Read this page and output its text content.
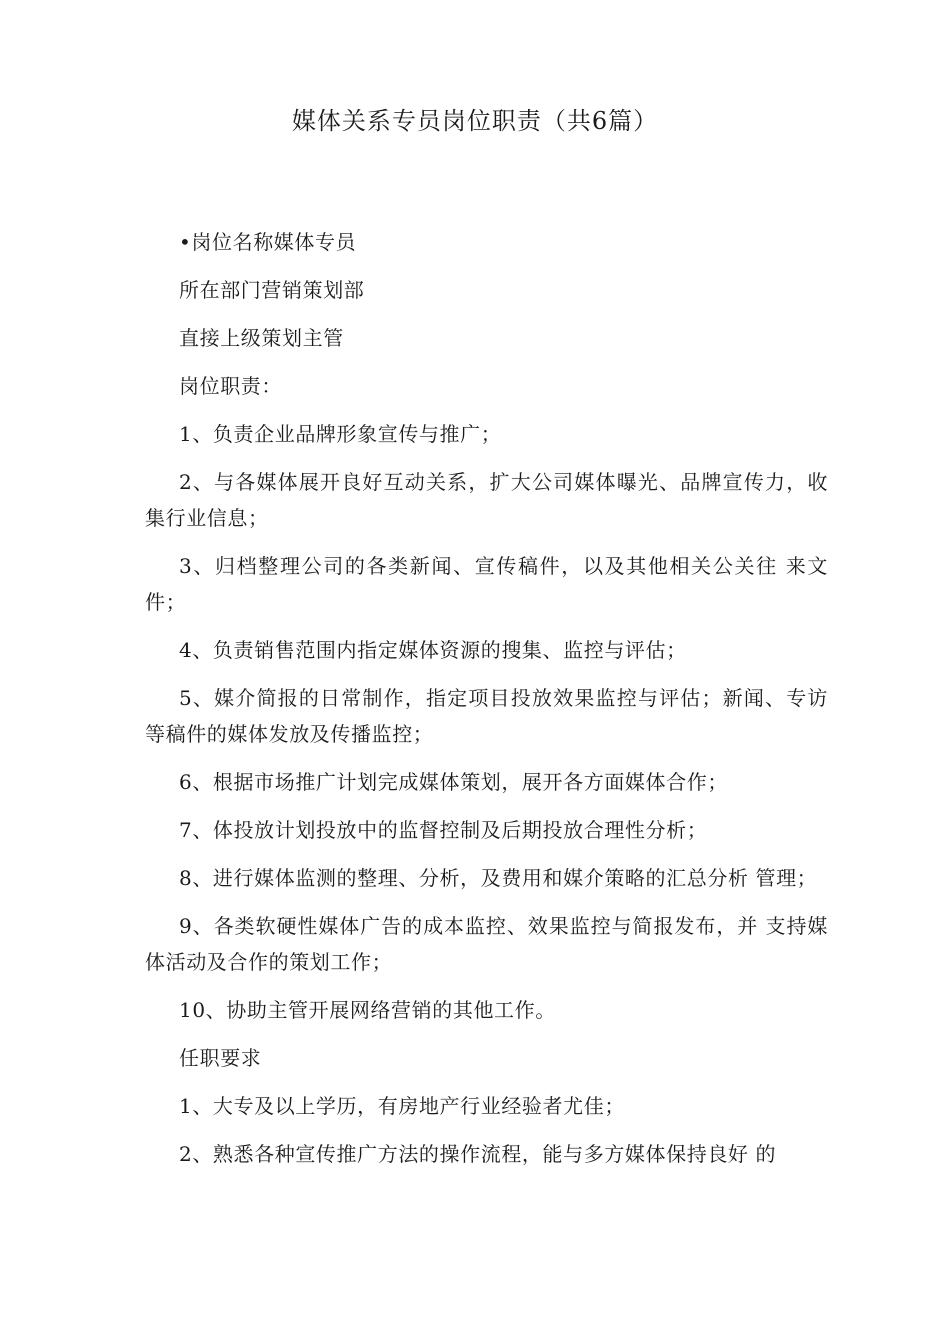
媒体关系专员岗位职责（共6篇）

•岗位名称媒体专员

所在部门营销策划部

直接上级策划主管

岗位职责：

1、负责企业品牌形象宣传与推广；

2、与各媒体展开良好互动关系，扩大公司媒体曝光、品牌宣传力，收集行业信息；

3、归档整理公司的各类新闻、宣传稿件，以及其他相关公关往 来文件；

4、负责销售范围内指定媒体资源的搜集、监控与评估；

5、媒介简报的日常制作，指定项目投放效果监控与评估；新闻、专访等稿件的媒体发放及传播监控；

6、根据市场推广计划完成媒体策划，展开各方面媒体合作；

7、体投放计划投放中的监督控制及后期投放合理性分析；

8、进行媒体监测的整理、分析，及费用和媒介策略的汇总分析 管理；

9、各类软硬性媒体广告的成本监控、效果监控与简报发布，并 支持媒体活动及合作的策划工作；

10、协助主管开展网络营销的其他工作。

任职要求

1、大专及以上学历，有房地产行业经验者尤佳；

2、熟悉各种宣传推广方法的操作流程，能与多方媒体保持良好 的
